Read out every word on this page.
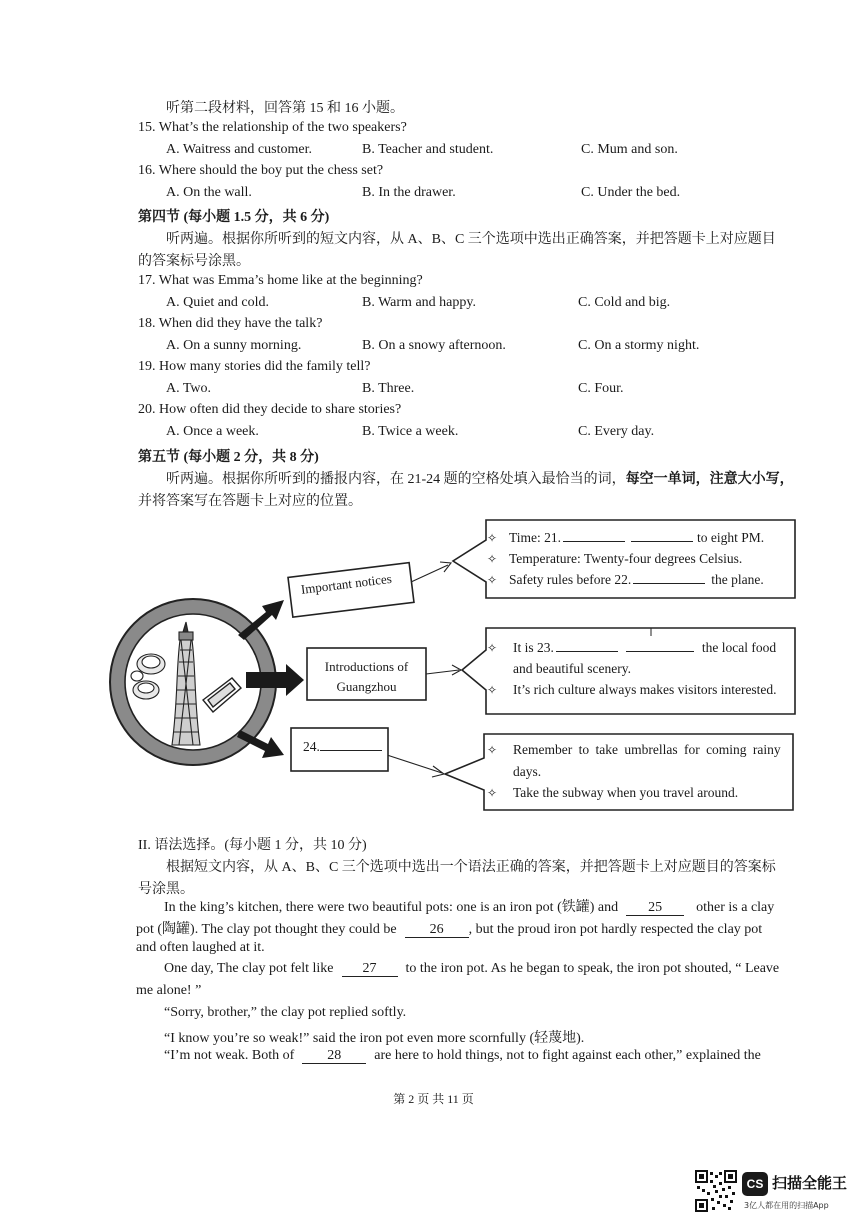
听第二段材料，回答第 15 和 16 小题。
15. What’s the relationship of the two speakers?
A. Waitress and customer.	B. Teacher and student.	C. Mum and son.
16. Where should the boy put the chess set?
A. On the wall.	B. In the drawer.	C. Under the bed.
第四节 (每小题 1.5 分，共 6 分)
听两遍。根据你所听到的短文内容，从 A、B、C 三个选项中选出正确答案，并把答题卡上对应题目
的答案标号涂黑。
17. What was Emma’s home like at the beginning?
A. Quiet and cold.	B. Warm and happy.	C. Cold and big.
18. When did they have the talk?
A. On a sunny morning.	B. On a snowy afternoon.	C. On a stormy night.
19. How many stories did the family tell?
A. Two.	B. Three.	C. Four.
20. How often did they decide to share stories?
A. Once a week.	B. Twice a week.	C. Every day.
第五节 (每小题 2 分，共 8 分)
听两遍。根据你所听到的播报内容，在 21-24 题的空格处填入最恰当的词，每空一单词，注意大小写，
并将答案写在答题卡上对应的位置。
Important notices
Introductions of
Guangzhou
24.
✧ Time: 21.	to eight PM.
✧ Temperature: Twenty-four degrees Celsius.
✧ Safety rules before 22.	the plane.
✧ It is 23.	the local food
and beautiful scenery.
✧ It’s rich culture always makes visitors interested.
✧ Remember to take umbrellas for coming rainy
days.
✧ Take the subway when you travel around.
II. 语法选择。(每小题 1 分，共 10 分)
根据短文内容，从 A、B、C 三个选项中选出一个语法正确的答案，并把答题卡上对应题目的答案标
号涂黑。
In the king’s kitchen, there were two beautiful pots: one is an iron pot (铁罐) and 25 other is a clay
pot (陶罐). The clay pot thought they could be 26 , but the proud iron pot hardly respected the clay pot
and often laughed at it.
One day, The clay pot felt like 27 to the iron pot. As he began to speak, the iron pot shouted, “ Leave
me alone! ”
“Sorry, brother,” the clay pot replied softly.
“I know you’re so weak!” said the iron pot even more scornfully (轻蔑地).
“I’m not weak. Both of 28 are here to hold things, not to fight against each other,” explained the
第 2 页 共 11 页
CS 扫描全能王
3亿人都在用的扫描App
